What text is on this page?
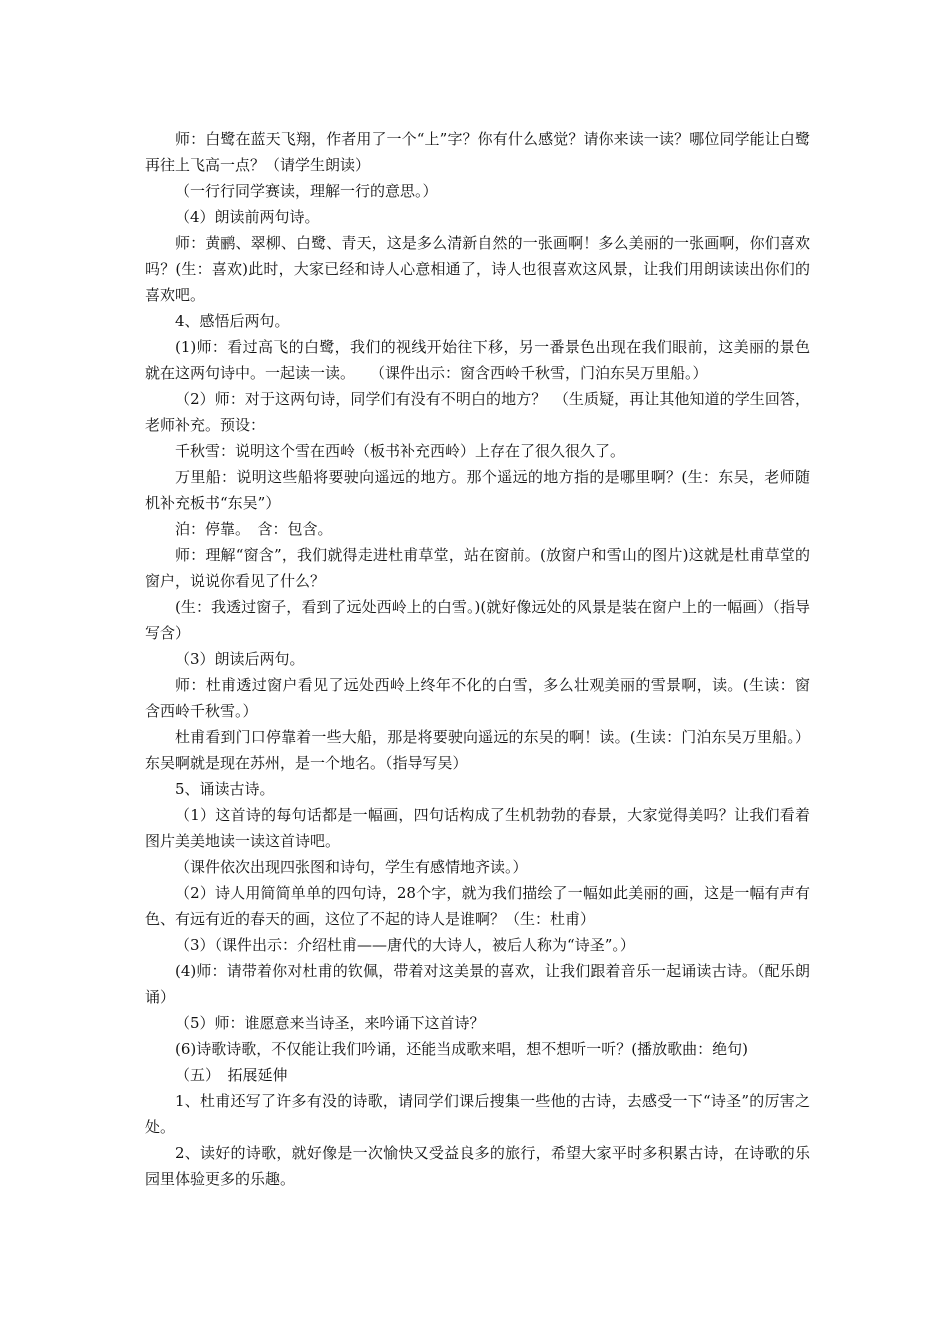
师：白鹭在蓝天飞翔，作者用了一个“上”字？你有什么感觉？请你来读一读？哪位同学能让白鹭再往上飞高一点？（请学生朗读）

（一行行同学赛读，理解一行的意思。）

（4）朗读前两句诗。

师：黄鹂、翠柳、白鹭、青天，这是多么清新自然的一张画啊！多么美丽的一张画啊，你们喜欢吗？(生：喜欢)此时，大家已经和诗人心意相通了，诗人也很喜欢这风景，让我们用朗读读出你们的喜欢吧。

4、感悟后两句。

(1)师：看过高飞的白鹭，我们的视线开始往下移，另一番景色出现在我们眼前，这美丽的景色就在这两句诗中。一起读一读。　　（课件出示：窗含西岭千秋雪，门泊东吴万里船。）

（2）师：对于这两句诗，同学们有没有不明白的地方？　（生质疑，再让其他知道的学生回答，老师补充。预设：

千秋雪：说明这个雪在西岭（板书补充西岭）上存在了很久很久了。

万里船：说明这些船将要驶向遥远的地方。那个遥远的地方指的是哪里啊？(生：东吴，老师随机补充板书“东吴”）

泊：停靠。　含：包含。

师：理解“窗含”，我们就得走进杜甫草堂，站在窗前。(放窗户和雪山的图片)这就是杜甫草堂的窗户，说说你看见了什么？

(生：我透过窗子，看到了远处西岭上的白雪。)(就好像远处的风景是装在窗户上的一幅画）（指导写含）

（3）朗读后两句。

师：杜甫透过窗户看见了远处西岭上终年不化的白雪，多么壮观美丽的雪景啊，读。(生读：窗含西岭千秋雪。）

杜甫看到门口停靠着一些大船，那是将要驶向遥远的东吴的啊！读。(生读：门泊东吴万里船。）东吴啊就是现在苏州，是一个地名。（指导写吴）

5、诵读古诗。

（1）这首诗的每句话都是一幅画，四句话构成了生机勃勃的春景，大家觉得美吗？让我们看着图片美美地读一读这首诗吧。

（课件依次出现四张图和诗句，学生有感情地齐读。）

（2）诗人用简简单单的四句诗，28个字，就为我们描绘了一幅如此美丽的画，这是一幅有声有色、有远有近的春天的画，这位了不起的诗人是谁啊？（生：杜甫）

（3）（课件出示：介绍杜甫——唐代的大诗人，被后人称为“诗圣”。）

(4)师：请带着你对杜甫的钦佩，带着对这美景的喜欢，让我们跟着音乐一起诵读古诗。（配乐朗诵）

（5）师：谁愿意来当诗圣，来吟诵下这首诗？

(6)诗歌诗歌，不仅能让我们吟诵，还能当成歌来唱，想不想听一听？(播放歌曲：绝句)

（五）　拓展延伸

1、杜甫还写了许多有没的诗歌，请同学们课后搜集一些他的古诗，去感受一下“诗圣”的厉害之处。

2、读好的诗歌，就好像是一次愉快又受益良多的旅行，希望大家平时多积累古诗，在诗歌的乐园里体验更多的乐趣。
